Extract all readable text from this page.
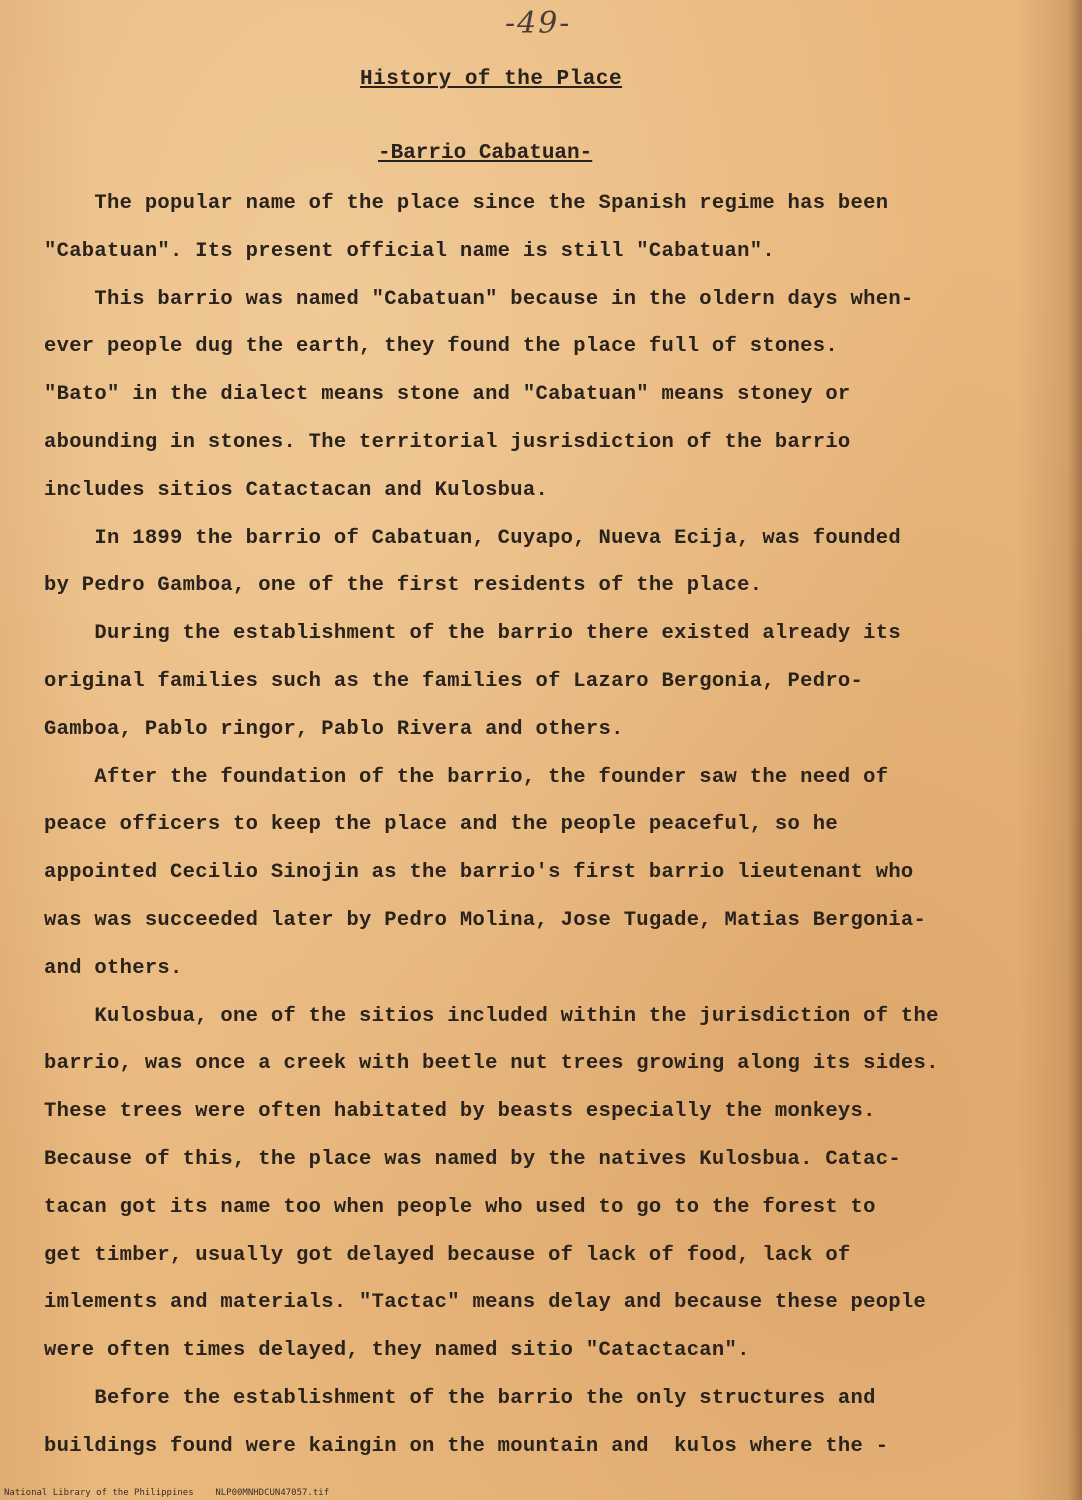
-49-
History of the Place
-Barrio Cabatuan-
The popular name of the place since the Spanish regime has been
"Cabatuan". Its present official name is still "Cabatuan".
This barrio was named "Cabatuan" because in the oldern days when-
ever people dug the earth, they found the place full of stones.
"Bato" in the dialect means stone and "Cabatuan" means stoney or
abounding in stones. The territorial jusrisdiction of the barrio
includes sitios Catactacan and Kulosbua.
In 1899 the barrio of Cabatuan, Cuyapo, Nueva Ecija, was founded
by Pedro Gamboa, one of the first residents of the place.
During the establishment of the barrio there existed already its
original families such as the families of Lazaro Bergonia, Pedro-
Gamboa, Pablo ringor, Pablo Rivera and others.
After the foundation of the barrio, the founder saw the need of
peace officers to keep the place and the people peaceful, so he
appointed Cecilio Sinojin as the barrio's first barrio lieutenant who
was was succeeded later by Pedro Molina, Jose Tugade, Matias Bergonia-
and others.
Kulosbua, one of the sitios included within the jurisdiction of the
barrio, was once a creek with beetle nut trees growing along its sides.
These trees were often habitated by beasts especially the monkeys.
Because of this, the place was named by the natives Kulosbua. Catac-
tacan got its name too when people who used to go to the forest to
get timber, usually got delayed because of lack of food, lack of
imlements and materials. "Tactac" means delay and because these people
were often times delayed, they named sitio "Catactacan".
Before the establishment of the barrio the only structures and
buildings found were kaingin on the mountain and  kulos where the -
National Library of the Philippines    NLP00MNHDCUN47057.tif
